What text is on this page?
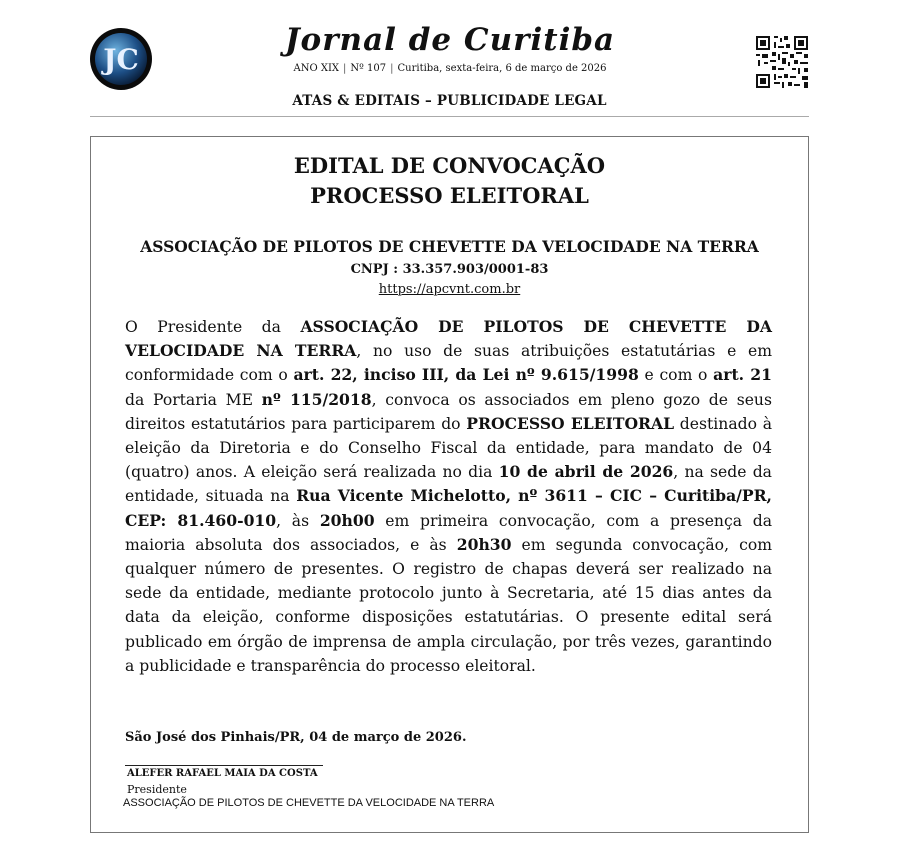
JC
Jornal de Curitiba
ANO XIX | Nº 107 | Curitiba, sexta-feira, 6 de março de 2026
ATAS & EDITAIS – PUBLICIDADE LEGAL
EDITAL DE CONVOCAÇÃO
PROCESSO ELEITORAL
ASSOCIAÇÃO DE PILOTOS DE CHEVETTE DA VELOCIDADE NA TERRA
CNPJ : 33.357.903/0001-83
https://apcvnt.com.br
O Presidente da ASSOCIAÇÃO DE PILOTOS DE CHEVETTE DA VELOCIDADE NA TERRA, no uso de suas atribuições estatutárias e em conformidade com o art. 22, inciso III, da Lei nº 9.615/1998 e com o art. 21 da Portaria ME nº 115/2018, convoca os associados em pleno gozo de seus direitos estatutários para participarem do PROCESSO ELEITORAL destinado à eleição da Diretoria e do Conselho Fiscal da entidade, para mandato de 04 (quatro) anos. A eleição será realizada no dia 10 de abril de 2026, na sede da entidade, situada na Rua Vicente Michelotto, nº 3611 – CIC – Curitiba/PR, CEP: 81.460-010, às 20h00 em primeira convocação, com a presença da maioria absoluta dos associados, e às 20h30 em segunda convocação, com qualquer número de presentes. O registro de chapas deverá ser realizado na sede da entidade, mediante protocolo junto à Secretaria, até 15 dias antes da data da eleição, conforme disposições estatutárias. O presente edital será publicado em órgão de imprensa de ampla circulação, por três vezes, garantindo a publicidade e transparência do processo eleitoral.
São José dos Pinhais/PR, 04 de março de 2026.
ALEFER RAFAEL MAIA DA COSTA
Presidente
ASSOCIAÇÃO DE PILOTOS DE CHEVETTE DA VELOCIDADE NA TERRA
